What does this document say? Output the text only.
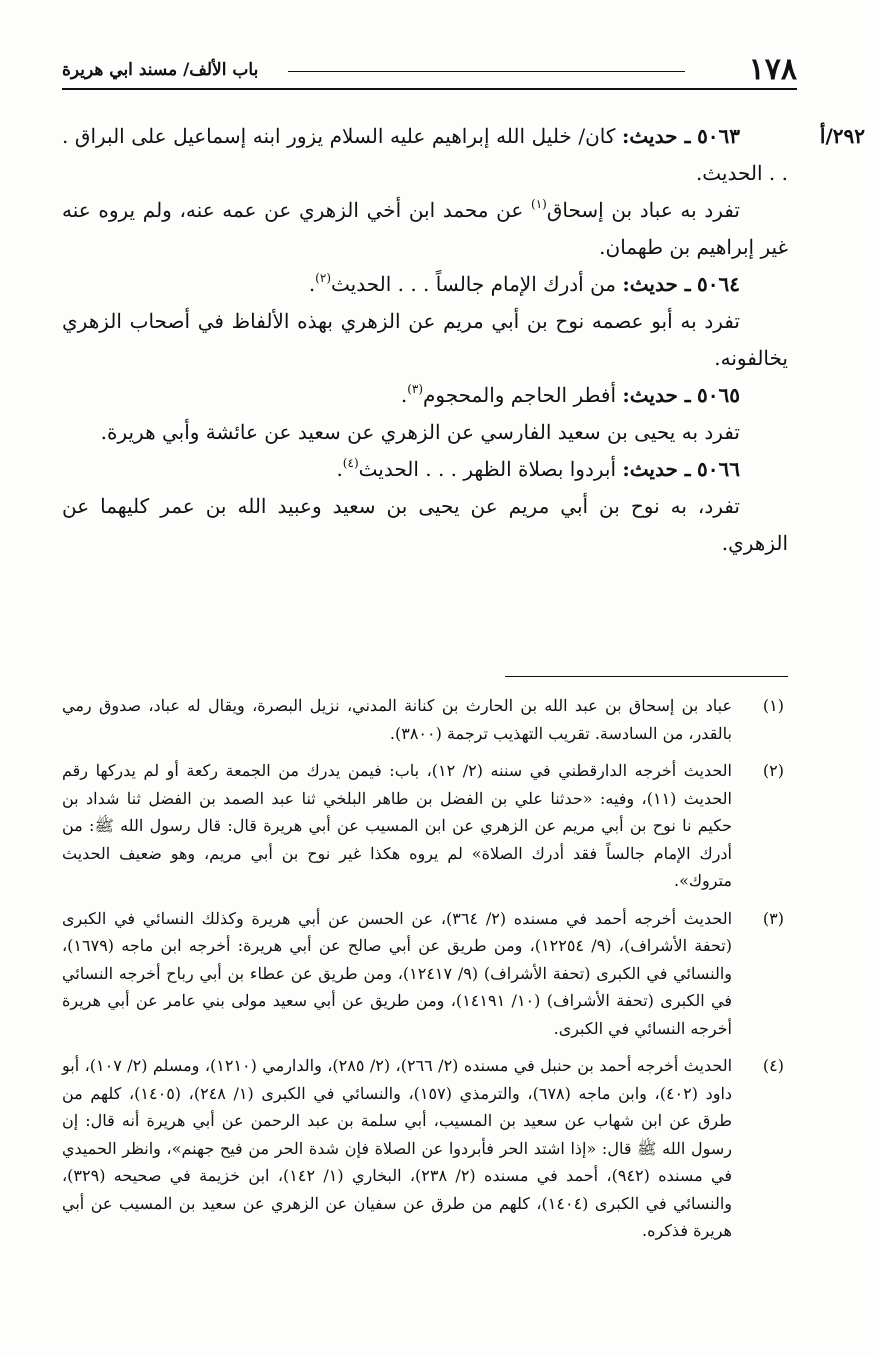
١٧٨
باب الألف/ مسند ابي هريرة
٢٩٢/أ

٥٠٦٣ ـ حديث: كان/ خليل الله إبراهيم عليه السلام يزور ابنه إسماعيل على البراق . . . الحديث.

تفرد به عباد بن إسحاق$^{(١)}$ عن محمد ابن أخي الزهري عن عمه عنه، ولم يروه عنه غير إبراهيم بن طهمان.

٥٠٦٤ ـ حديث: من أدرك الإمام جالساً . . . الحديث$^{(٢)}$.

تفرد به أبو عصمه نوح بن أبي مريم عن الزهري بهذه الألفاظ في أصحاب الزهري يخالفونه.

٥٠٦٥ ـ حديث: أفطر الحاجم والمحجوم$^{(٣)}$.

تفرد به يحيى بن سعيد الفارسي عن الزهري عن سعيد عن عائشة وأبي هريرة.

٥٠٦٦ ـ حديث: أبردوا بصلاة الظهر . . . الحديث$^{(٤)}$.

تفرد، به نوح بن أبي مريم عن يحيى بن سعيد وعبيد الله بن عمر كليهما عن الزهري.

(١)
عباد بن إسحاق بن عبد الله بن الحارث بن كنانة المدني، نزيل البصرة، ويقال له عباد، صدوق رمي بالقدر، من السادسة. تقريب التهذيب ترجمة (٣٨٠٠).
(٢)
الحديث أخرجه الدارقطني في سننه (٢/ ١٢)، باب: فيمن يدرك من الجمعة ركعة أو لم يدركها رقم الحديث (١١)، وفيه: «حدثنا علي بن الفضل بن طاهر البلخي ثنا عبد الصمد بن الفضل ثنا شداد بن حكيم نا نوح بن أبي مريم عن الزهري عن ابن المسيب عن أبي هريرة قال: قال رسول الله ﷺ: من أدرك الإمام جالساً فقد أدرك الصلاة» لم يروه هكذا غير نوح بن أبي مريم، وهو ضعيف الحديث متروك».
(٣)
الحديث أخرجه أحمد في مسنده (٢/ ٣٦٤)، عن الحسن عن أبي هريرة وكذلك النسائي في الكبرى (تحفة الأشراف)، (٩/ ١٢٢٥٤)، ومن طريق عن أبي صالح عن أبي هريرة: أخرجه ابن ماجه (١٦٧٩)، والنسائي في الكبرى (تحفة الأشراف) (٩/ ١٢٤١٧)، ومن طريق عن عطاء بن أبي رباح أخرجه النسائي في الكبرى (تحفة الأشراف) (١٠/ ١٤١٩١)، ومن طريق عن أبي سعيد مولى بني عامر عن أبي هريرة أخرجه النسائي في الكبرى.
(٤)
الحديث أخرجه أحمد بن حنبل في مسنده (٢/ ٢٦٦)، (٢/ ٢٨٥)، والدارمي (١٢١٠)، ومسلم (٢/ ١٠٧)، أبو داود (٤٠٢)، وابن ماجه (٦٧٨)، والترمذي (١٥٧)، والنسائي في الكبرى (١/ ٢٤٨)، (١٤٠٥)، كلهم من طرق عن ابن شهاب عن سعيد بن المسيب، أبي سلمة بن عبد الرحمن عن أبي هريرة أنه قال: إن رسول الله ﷺ قال: «إذا اشتد الحر فأبردوا عن الصلاة فإن شدة الحر من فيح جهنم»، وانظر الحميدي في مسنده (٩٤٢)، أحمد في مسنده (٢/ ٢٣٨)، البخاري (١/ ١٤٢)، ابن خزيمة في صحيحه (٣٢٩)، والنسائي في الكبرى (١٤٠٤)، كلهم من طرق عن سفيان عن الزهري عن سعيد بن المسيب عن أبي هريرة فذكره.
